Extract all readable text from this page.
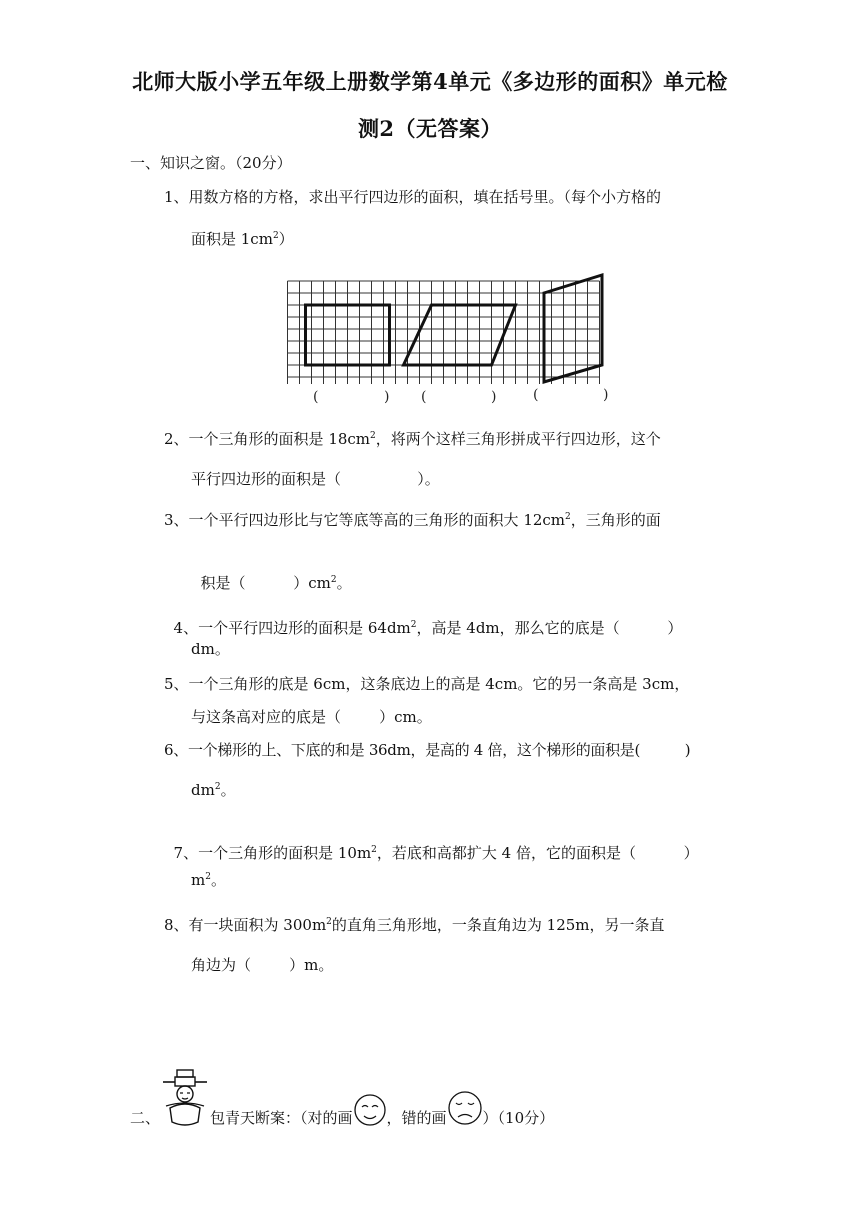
北师大版小学五年级上册数学第4单元《多边形的面积》单元检
测2（无答案）
一、知识之窗。（20分）
1、用数方格的方格，求出平行四边形的面积，填在括号里。（每个小方格的
面积是 $1cm^2$）
(	) (	)	(	)
2、一个三角形的面积是 $18cm^2$，将两个这样三角形拼成平行四边形，这个
平行四边形的面积是（                ）。
3、一个平行四边形比与它等底等高的三角形的面积大 $12cm^2$，三角形的面

积是（          ）$cm^2$。

4、一个平行四边形的面积是 $64dm^2$，高是 4dm，那么它的底是（          ）

dm。
5、一个三角形的底是 6cm，这条底边上的高是 4cm。它的另一条高是 3cm，
与这条高对应的底是（        ）cm。
6、一个梯形的上、下底的和是 36dm，是高的 4 倍，这个梯形的面积是(          )
$dm^2$。

7、一个三角形的面积是 $10m^2$，若底和高都扩大 4 倍，它的面积是（          ）

$m^2$。
8、有一块面积为 $300m^2$的直角三角形地，一条直角边为 125m，另一条直
角边为（        ）m。
二、	包青天断案：（对的画 ，错的画 ）（10分）
